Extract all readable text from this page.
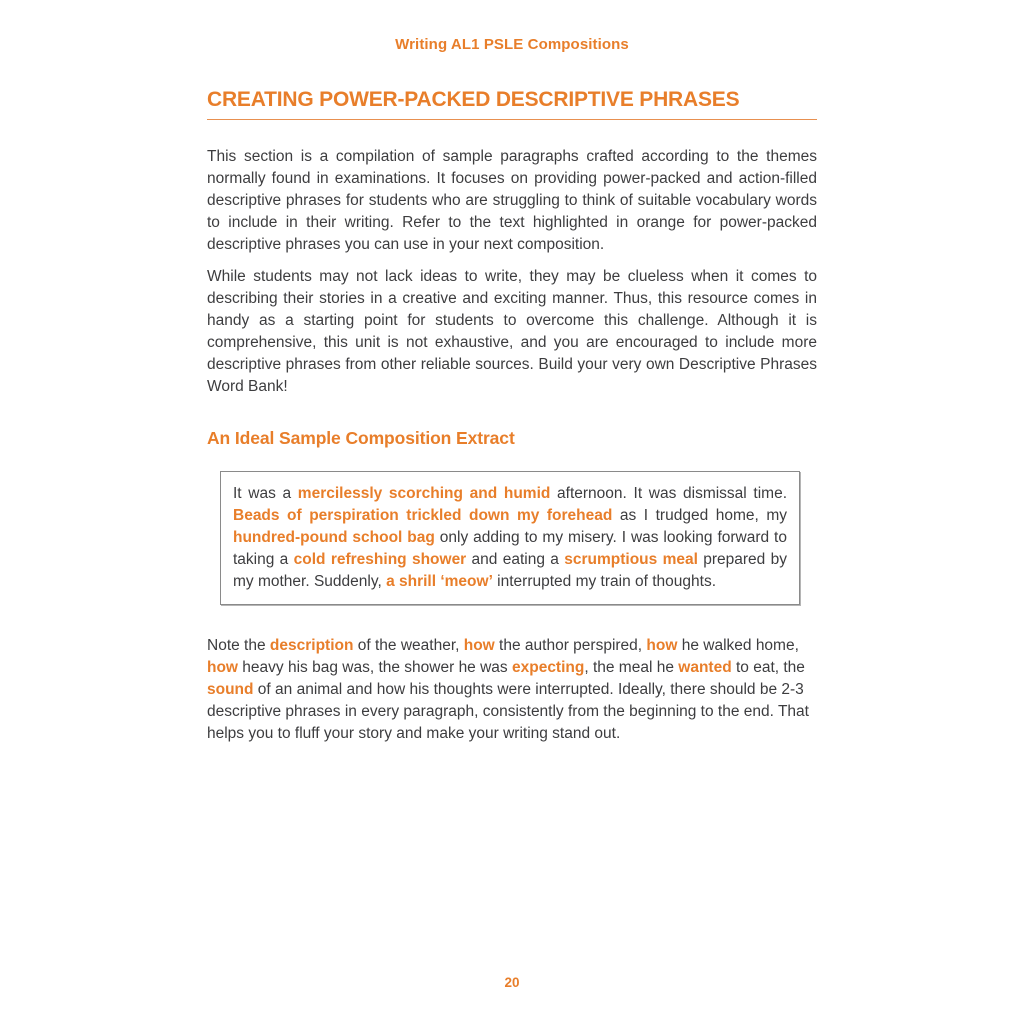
Writing AL1 PSLE Compositions
CREATING POWER-PACKED DESCRIPTIVE PHRASES

This section is a compilation of sample paragraphs crafted according to the themes normally found in examinations. It focuses on providing power-packed and action-filled descriptive phrases for students who are struggling to think of suitable vocabulary words to include in their writing. Refer to the text highlighted in orange for power-packed descriptive phrases you can use in your next composition.

While students may not lack ideas to write, they may be clueless when it comes to describing their stories in a creative and exciting manner. Thus, this resource comes in handy as a starting point for students to overcome this challenge. Although it is comprehensive, this unit is not exhaustive, and you are encouraged to include more descriptive phrases from other reliable sources. Build your very own Descriptive Phrases Word Bank!

An Ideal Sample Composition Extract
It was a mercilessly scorching and humid afternoon. It was dismissal time. Beads of perspiration trickled down my forehead as I trudged home, my hundred-pound school bag only adding to my misery. I was looking forward to taking a cold refreshing shower and eating a scrumptious meal prepared by my mother. Suddenly, a shrill ‘meow’ interrupted my train of thoughts.

Note the description of the weather, how the author perspired, how he walked home, how heavy his bag was, the shower he was expecting, the meal he wanted to eat, the sound of an animal and how his thoughts were interrupted. Ideally, there should be 2-3 descriptive phrases in every paragraph, consistently from the beginning to the end. That helps you to fluff your story and make your writing stand out.

20
